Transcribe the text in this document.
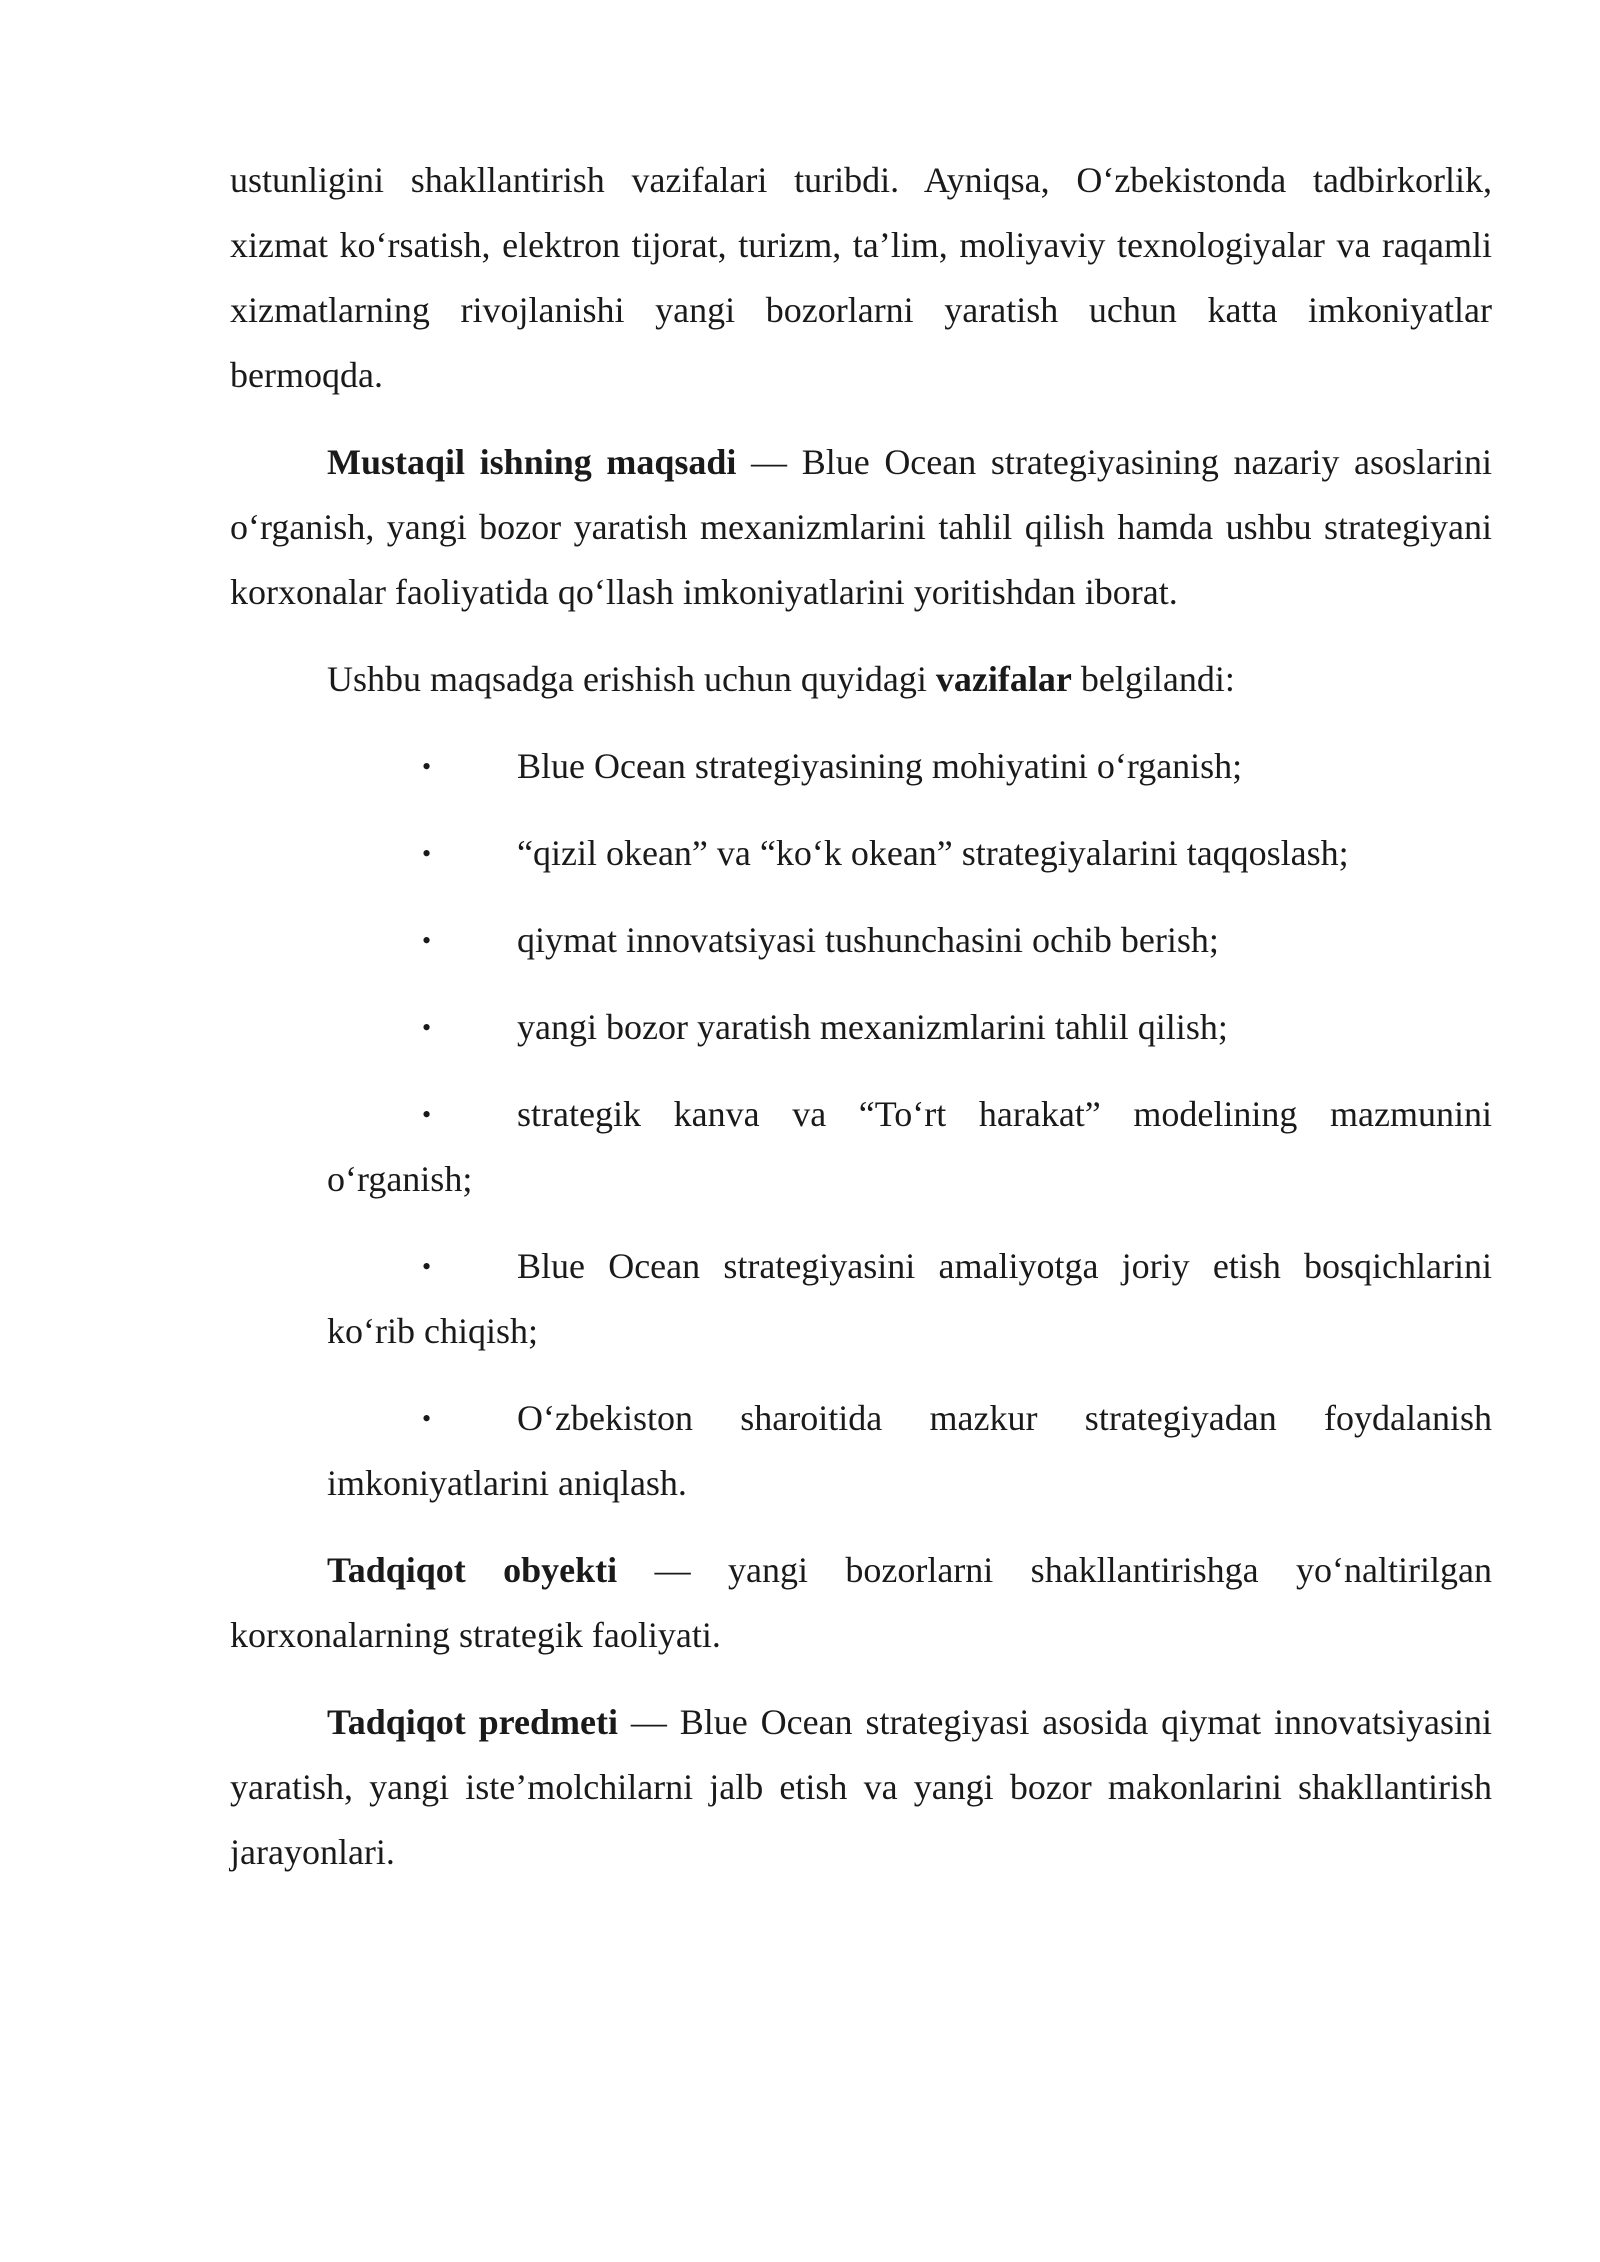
ustunligini shakllantirish vazifalari turibdi. Ayniqsa, O‘zbekistonda tadbirkorlik, xizmat ko‘rsatish, elektron tijorat, turizm, ta’lim, moliyaviy texnologiyalar va raqamli xizmatlarning rivojlanishi yangi bozorlarni yaratish uchun katta imkoniyatlar bermoqda.

Mustaqil ishning maqsadi — Blue Ocean strategiyasining nazariy asoslarini o‘rganish, yangi bozor yaratish mexanizmlarini tahlil qilish hamda ushbu strategiyani korxonalar faoliyatida qo‘llash imkoniyatlarini yoritishdan iborat.

Ushbu maqsadga erishish uchun quyidagi vazifalar belgilandi:

• Blue Ocean strategiyasining mohiyatini o‘rganish;

• “qizil okean” va “ko‘k okean” strategiyalarini taqqoslash;

• qiymat innovatsiyasi tushunchasini ochib berish;

• yangi bozor yaratish mexanizmlarini tahlil qilish;

• strategik kanva va “To‘rt harakat” modelining mazmunini o‘rganish;

• Blue Ocean strategiyasini amaliyotga joriy etish bosqichlarini ko‘rib chiqish;

• O‘zbekiston sharoitida mazkur strategiyadan foydalanish imkoniyatlarini aniqlash.

Tadqiqot obyekti — yangi bozorlarni shakllantirishga yo‘naltirilgan korxonalarning strategik faoliyati.

Tadqiqot predmeti — Blue Ocean strategiyasi asosida qiymat innovatsiyasini yaratish, yangi iste’molchilarni jalb etish va yangi bozor makonlarini shakllantirish jarayonlari.
